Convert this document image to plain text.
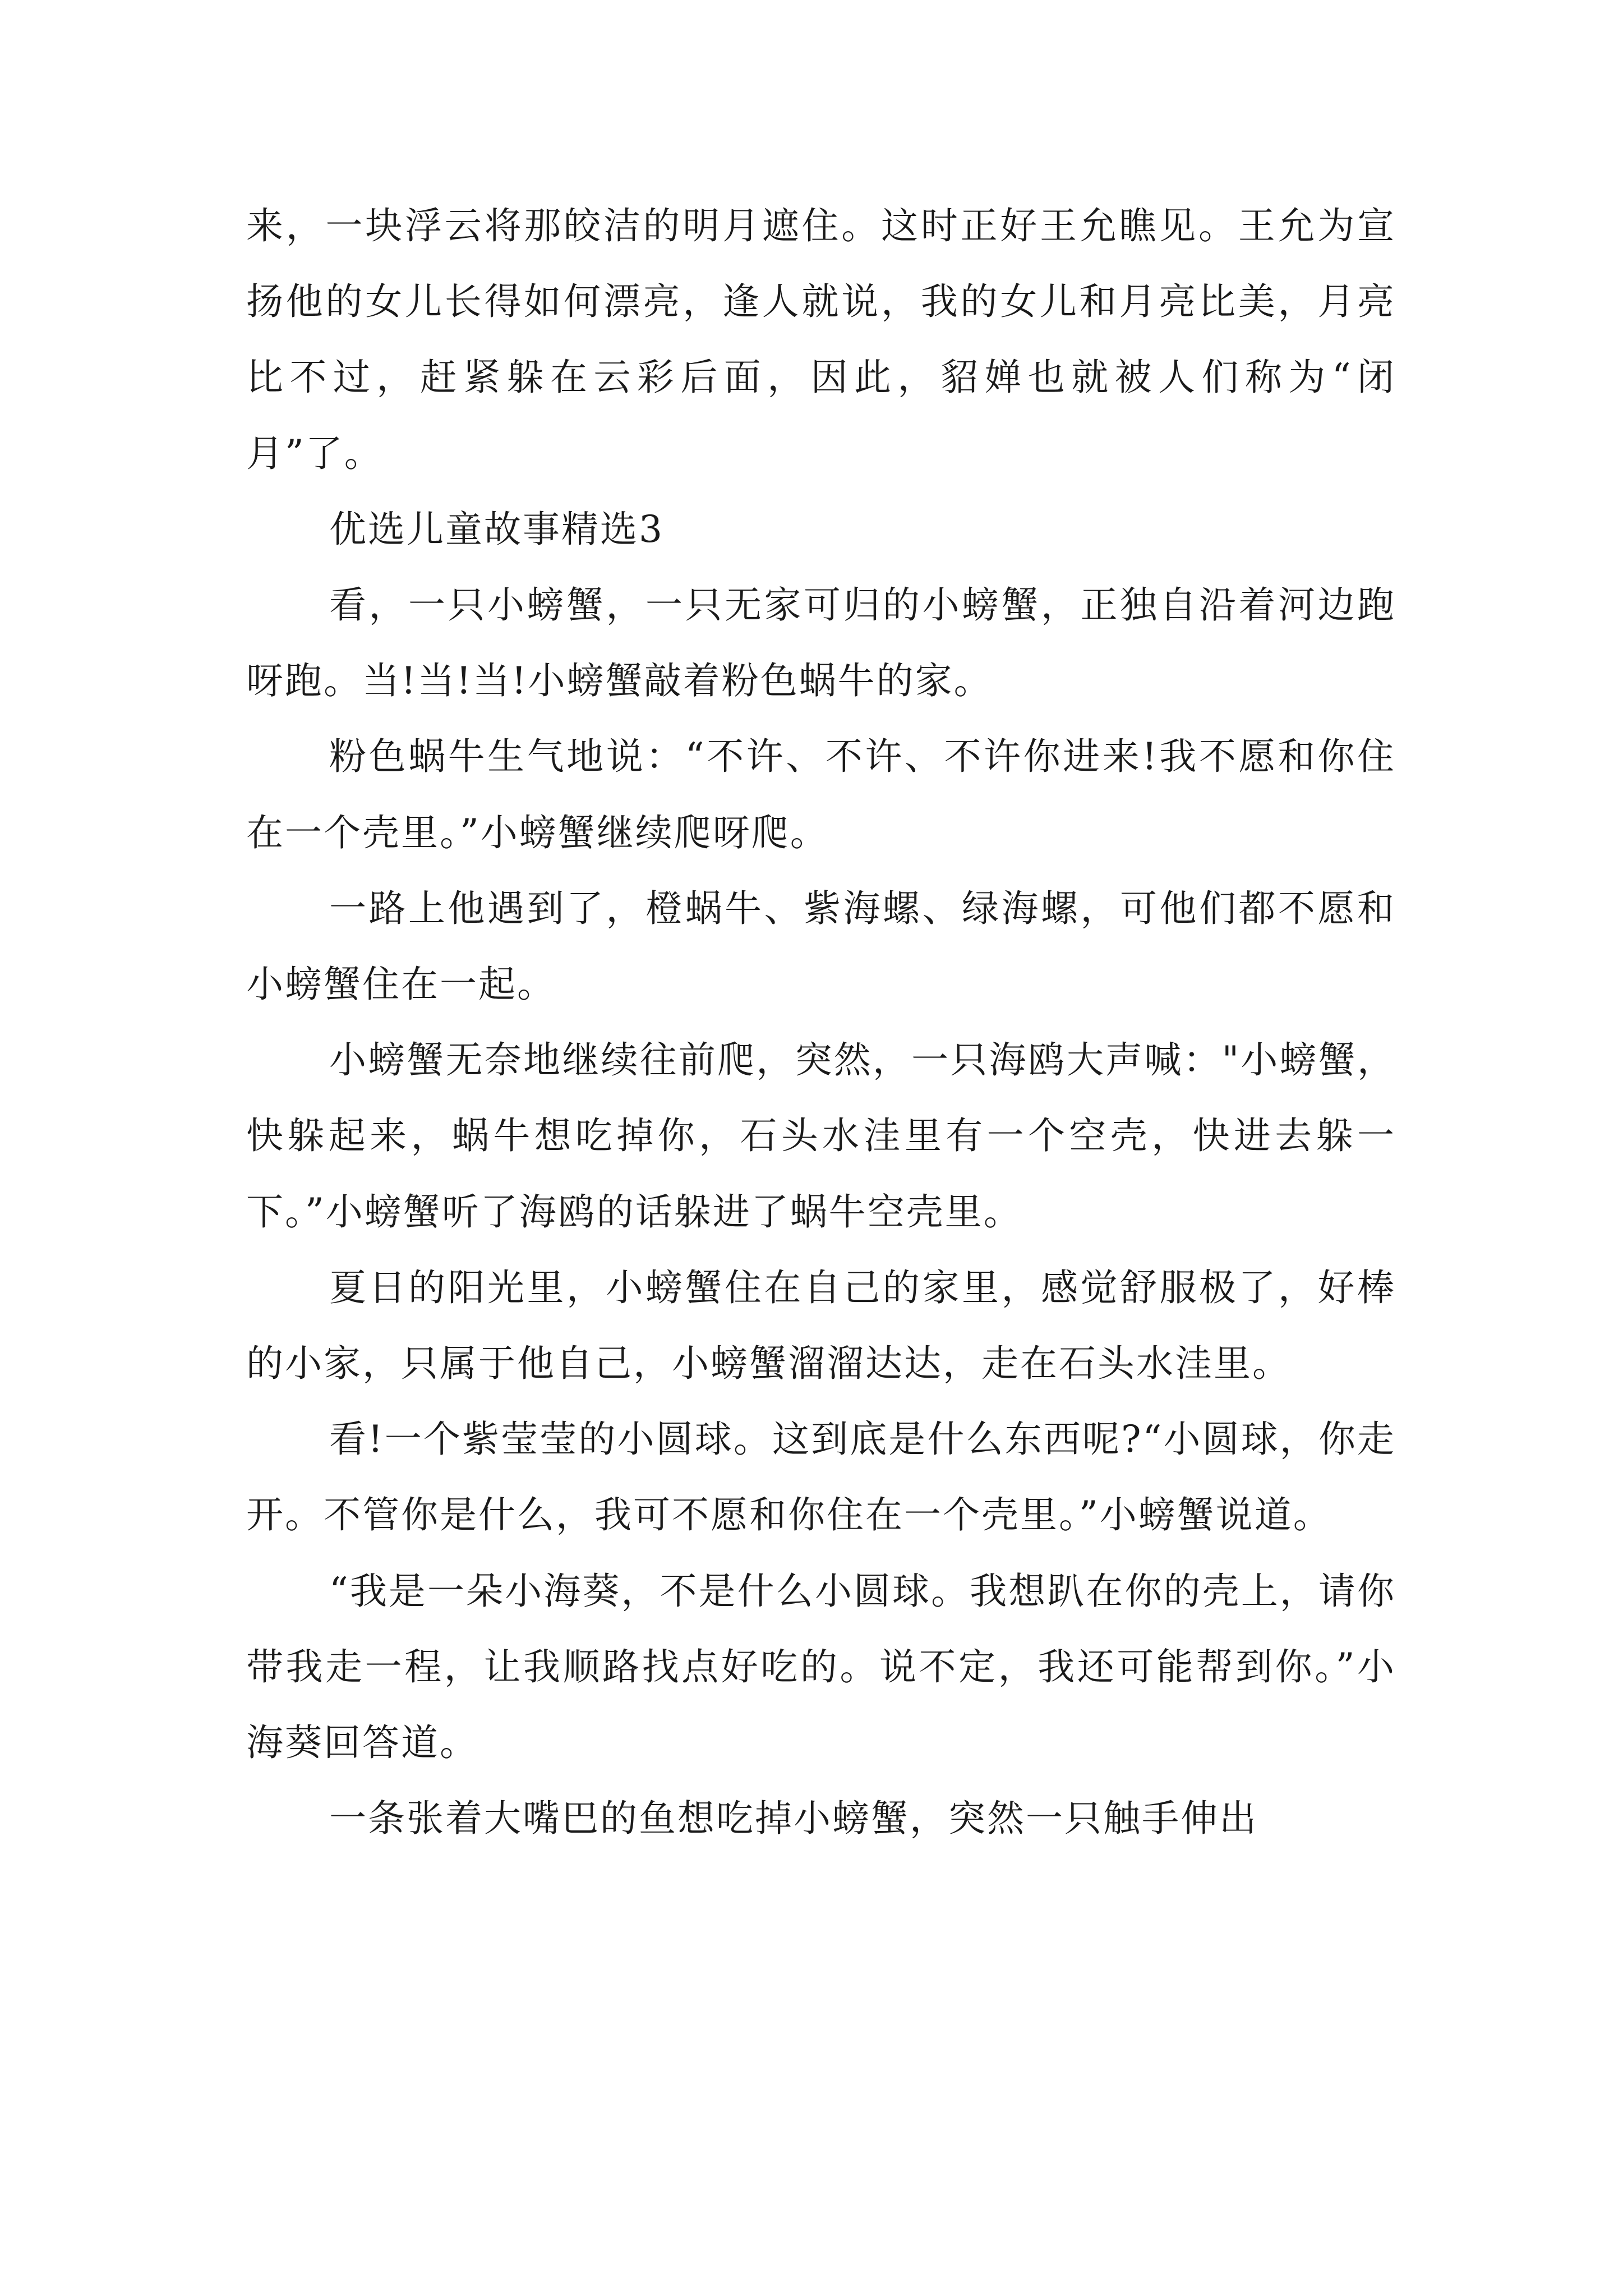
来，一块浮云将那皎洁的明月遮住。这时正好王允瞧见。王允为宣扬他的女儿长得如何漂亮，逢人就说，我的女儿和月亮比美，月亮比不过，赶紧躲在云彩后面，因此，貂婵也就被人们称为“闭月”了。

优选儿童故事精选3

看，一只小螃蟹，一只无家可归的小螃蟹，正独自沿着河边跑呀跑。当!当!当!小螃蟹敲着粉色蜗牛的家。

粉色蜗牛生气地说：“不许、不许、不许你进来!我不愿和你住在一个壳里。”小螃蟹继续爬呀爬。

一路上他遇到了，橙蜗牛、紫海螺、绿海螺，可他们都不愿和小螃蟹住在一起。

小螃蟹无奈地继续往前爬，突然，一只海鸥大声喊："小螃蟹，快躲起来，蜗牛想吃掉你，石头水洼里有一个空壳，快进去躲一下。”小螃蟹听了海鸥的话躲进了蜗牛空壳里。

夏日的阳光里，小螃蟹住在自己的家里，感觉舒服极了，好棒的小家，只属于他自己，小螃蟹溜溜达达，走在石头水洼里。

看!一个紫莹莹的小圆球。这到底是什么东西呢?“小圆球，你走开。不管你是什么，我可不愿和你住在一个壳里。”小螃蟹说道。

“我是一朵小海葵，不是什么小圆球。我想趴在你的壳上，请你带我走一程，让我顺路找点好吃的。说不定，我还可能帮到你。”小海葵回答道。

一条张着大嘴巴的鱼想吃掉小螃蟹，突然一只触手伸出
